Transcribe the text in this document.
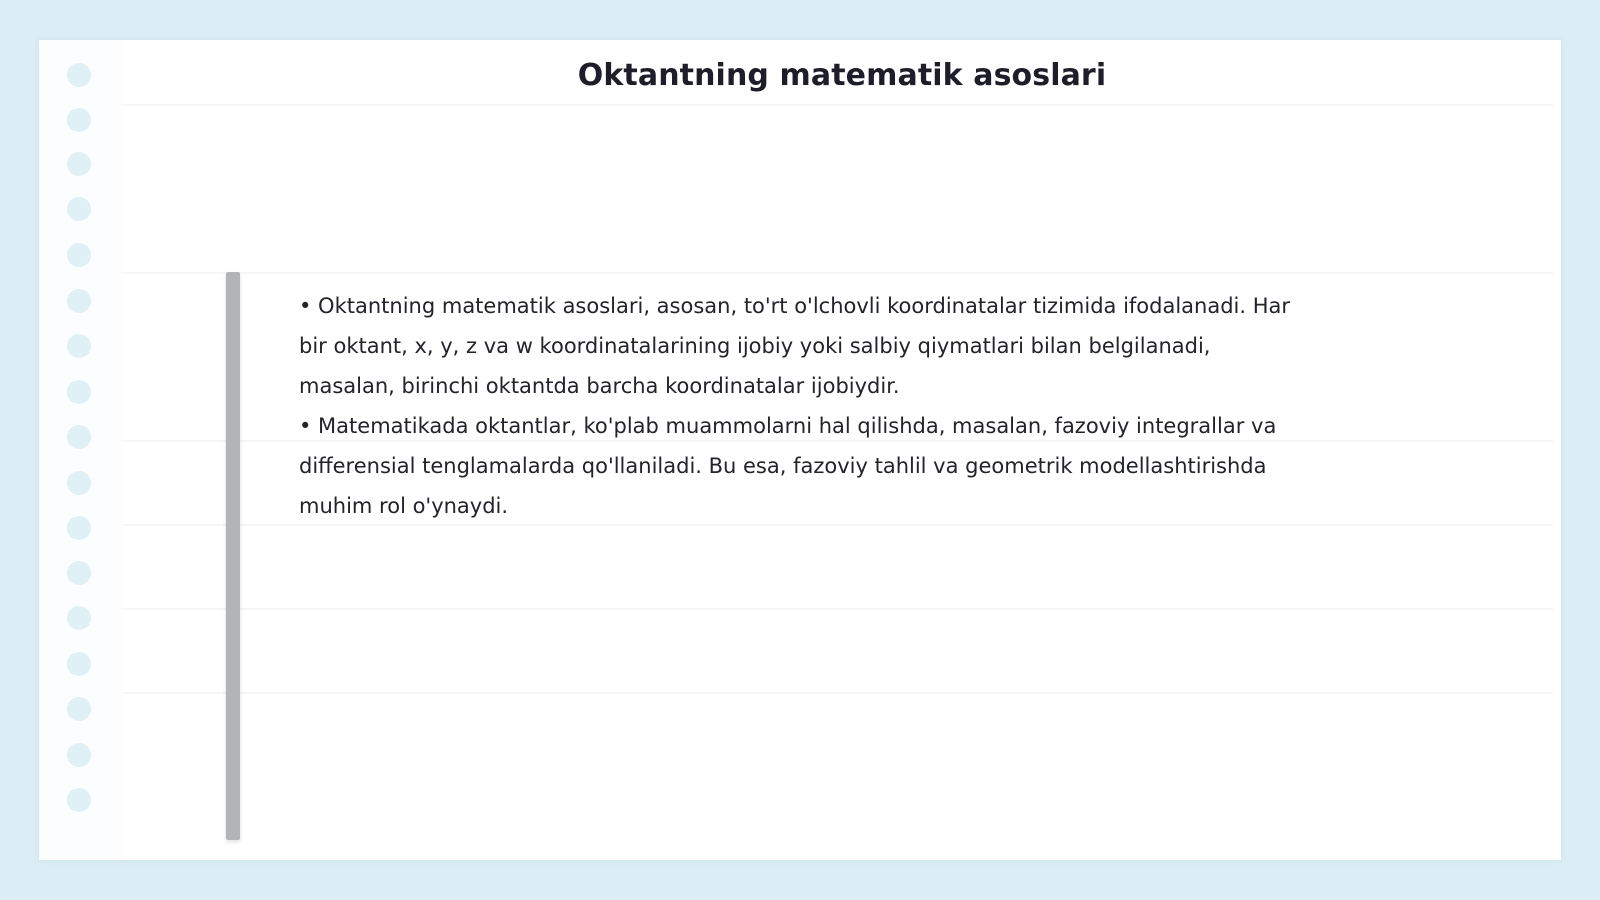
Oktantning matematik asoslari

• Oktantning matematik asoslari, asosan, to'rt o'lchovli koordinatalar tizimida ifodalanadi. Har bir oktant, x, y, z va w koordinatalarining ijobiy yoki salbiy qiymatlari bilan belgilanadi, masalan, birinchi oktantda barcha koordinatalar ijobiydir.

• Matematikada oktantlar, ko'plab muammolarni hal qilishda, masalan, fazoviy integrallar va differensial tenglamalarda qo'llaniladi. Bu esa, fazoviy tahlil va geometrik modellashtirishda muhim rol o'ynaydi.
